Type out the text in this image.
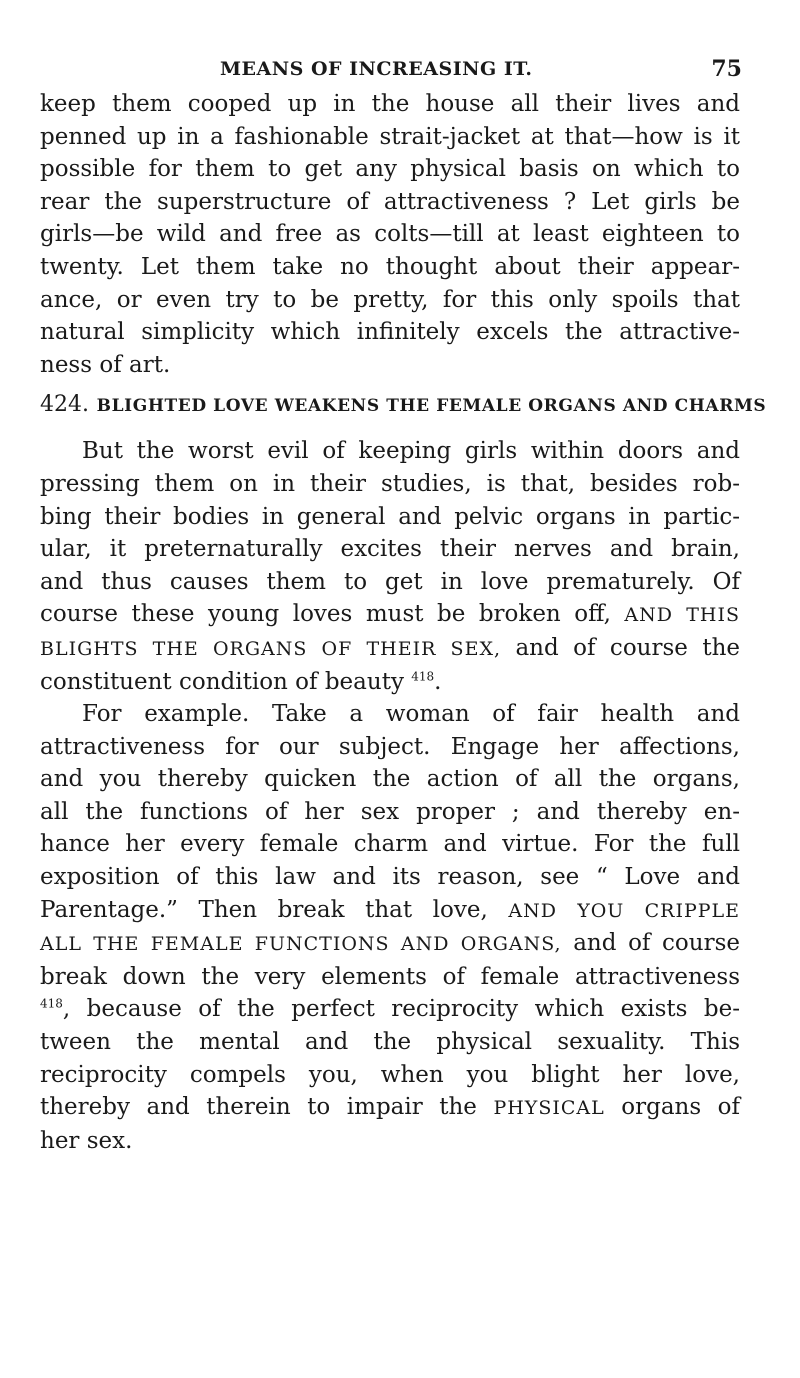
MEANS OF INCREASING IT.	75

keep them cooped up in the house all their lives and
penned up in a fashionable strait-jacket at that—how is it
possible for them to get any physical basis on which to
rear the superstructure of attractiveness ? Let girls be
girls—be wild and free as colts—till at least eighteen to
twenty. Let them take no thought about their appear-
ance, or even try to be pretty, for this only spoils that
natural simplicity which infinitely excels the attractive-
ness of art.

424. BLIGHTED LOVE WEAKENS THE FEMALE ORGANS AND CHARMS

But the worst evil of keeping girls within doors and
pressing them on in their studies, is that, besides rob-
bing their bodies in general and pelvic organs in partic-
ular, it preternaturally excites their nerves and brain,
and thus causes them to get in love prematurely. Of
course these young loves must be broken off, AND THIS
BLIGHTS THE ORGANS OF THEIR SEX, and of course the
constituent condition of beauty $^{418}$.

For example. Take a woman of fair health and
attractiveness for our subject. Engage her affections,
and you thereby quicken the action of all the organs,
all the functions of her sex proper ; and thereby en-
hance her every female charm and virtue. For the full
exposition of this law and its reason, see “ Love and
Parentage.” Then break that love, AND YOU CRIPPLE
ALL THE FEMALE FUNCTIONS AND ORGANS, and of course
break down the very elements of female attractiveness
$^{418}$, because of the perfect reciprocity which exists be-
tween the mental and the physical sexuality. This
reciprocity compels you, when you blight her love,
thereby and therein to impair the PHYSICAL organs of
her sex.
